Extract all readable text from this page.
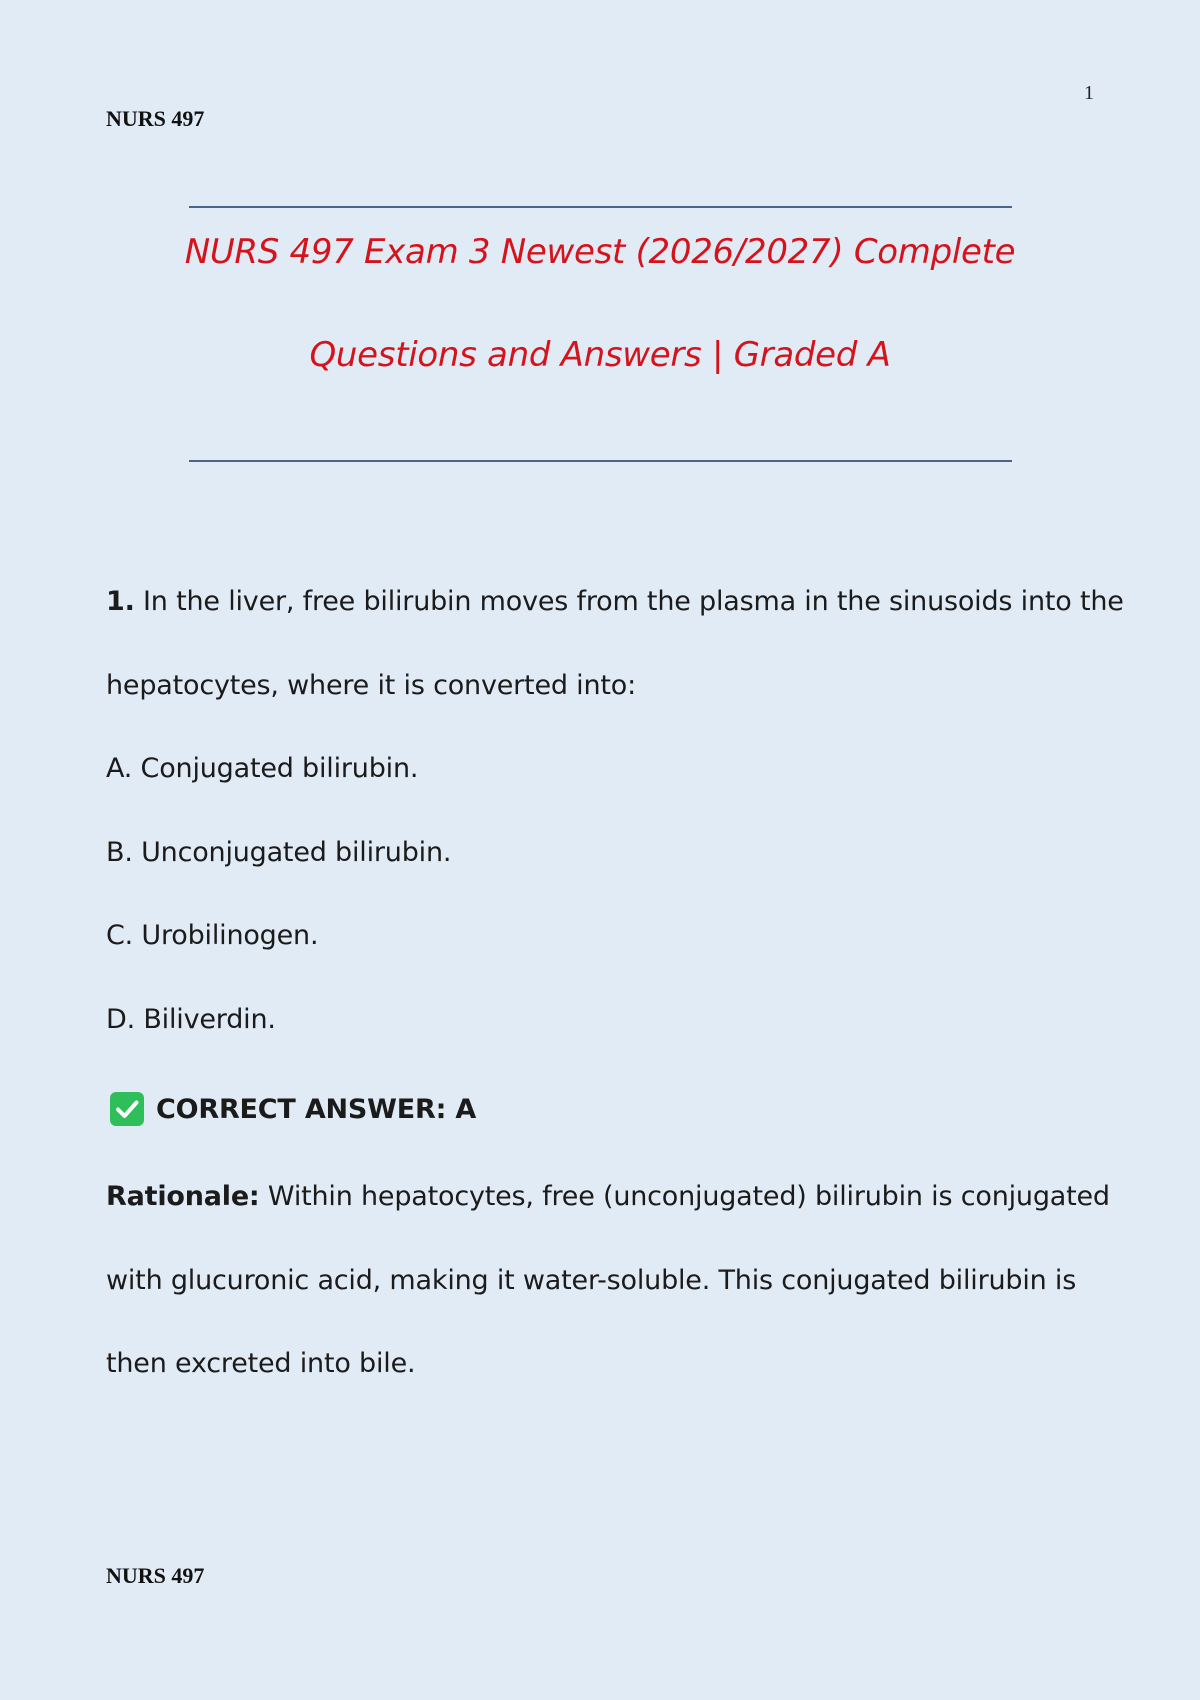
1
NURS 497
NURS 497 Exam 3 Newest (2026/2027) Complete
Questions and Answers | Graded A
1. In the liver, free bilirubin moves from the plasma in the sinusoids into the
hepatocytes, where it is converted into:
A. Conjugated bilirubin.
B. Unconjugated bilirubin.
C. Urobilinogen.
D. Biliverdin.
CORRECT ANSWER: A
Rationale: Within hepatocytes, free (unconjugated) bilirubin is conjugated
with glucuronic acid, making it water-soluble. This conjugated bilirubin is
then excreted into bile.
NURS 497
